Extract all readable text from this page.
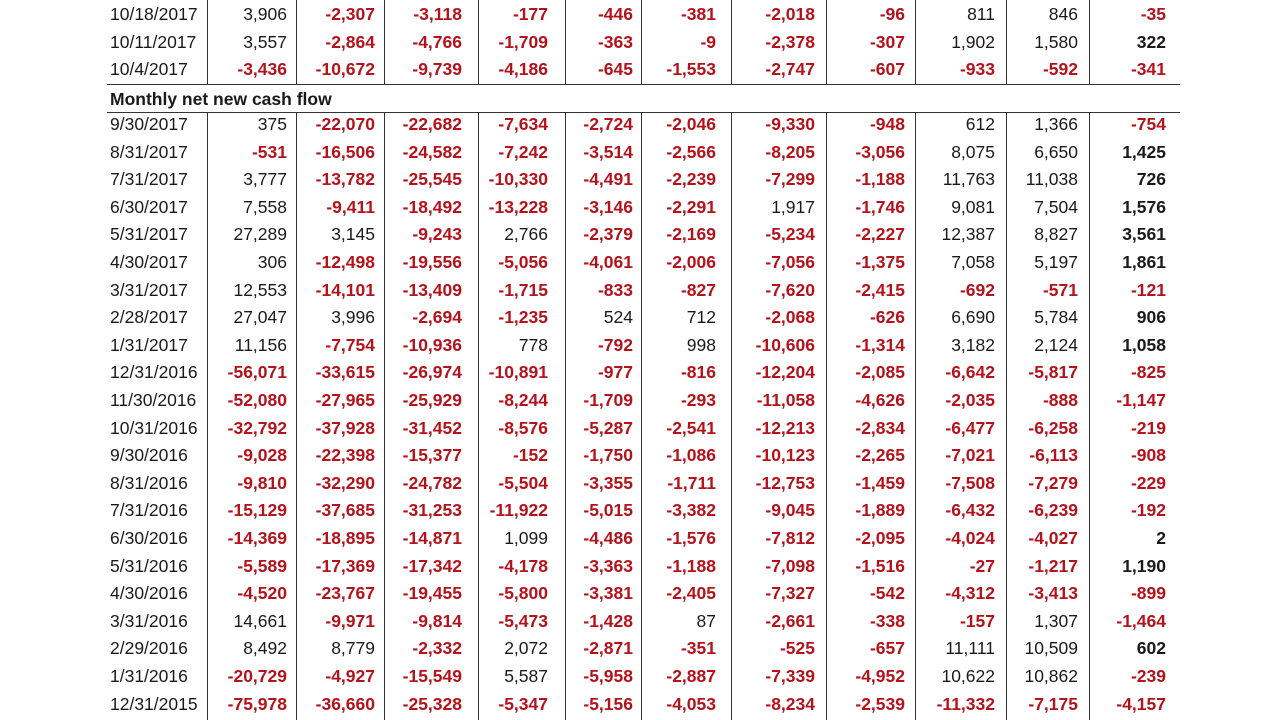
10/18/2017	3,906	-2,307	-3,118	-177	-446	-381	-2,018	-96	811	846	-35
10/11/2017	3,557	-2,864	-4,766	-1,709	-363	-9	-2,378	-307	1,902	1,580	322
10/4/2017	-3,436	-10,672	-9,739	-4,186	-645	-1,553	-2,747	-607	-933	-592	-341
Monthly net new cash flow
9/30/2017	375	-22,070	-22,682	-7,634	-2,724	-2,046	-9,330	-948	612	1,366	-754
8/31/2017	-531	-16,506	-24,582	-7,242	-3,514	-2,566	-8,205	-3,056	8,075	6,650	1,425
7/31/2017	3,777	-13,782	-25,545	-10,330	-4,491	-2,239	-7,299	-1,188	11,763	11,038	726
6/30/2017	7,558	-9,411	-18,492	-13,228	-3,146	-2,291	1,917	-1,746	9,081	7,504	1,576
5/31/2017	27,289	3,145	-9,243	2,766	-2,379	-2,169	-5,234	-2,227	12,387	8,827	3,561
4/30/2017	306	-12,498	-19,556	-5,056	-4,061	-2,006	-7,056	-1,375	7,058	5,197	1,861
3/31/2017	12,553	-14,101	-13,409	-1,715	-833	-827	-7,620	-2,415	-692	-571	-121
2/28/2017	27,047	3,996	-2,694	-1,235	524	712	-2,068	-626	6,690	5,784	906
1/31/2017	11,156	-7,754	-10,936	778	-792	998	-10,606	-1,314	3,182	2,124	1,058
12/31/2016	-56,071	-33,615	-26,974	-10,891	-977	-816	-12,204	-2,085	-6,642	-5,817	-825
11/30/2016	-52,080	-27,965	-25,929	-8,244	-1,709	-293	-11,058	-4,626	-2,035	-888	-1,147
10/31/2016	-32,792	-37,928	-31,452	-8,576	-5,287	-2,541	-12,213	-2,834	-6,477	-6,258	-219
9/30/2016	-9,028	-22,398	-15,377	-152	-1,750	-1,086	-10,123	-2,265	-7,021	-6,113	-908
8/31/2016	-9,810	-32,290	-24,782	-5,504	-3,355	-1,711	-12,753	-1,459	-7,508	-7,279	-229
7/31/2016	-15,129	-37,685	-31,253	-11,922	-5,015	-3,382	-9,045	-1,889	-6,432	-6,239	-192
6/30/2016	-14,369	-18,895	-14,871	1,099	-4,486	-1,576	-7,812	-2,095	-4,024	-4,027	2
5/31/2016	-5,589	-17,369	-17,342	-4,178	-3,363	-1,188	-7,098	-1,516	-27	-1,217	1,190
4/30/2016	-4,520	-23,767	-19,455	-5,800	-3,381	-2,405	-7,327	-542	-4,312	-3,413	-899
3/31/2016	14,661	-9,971	-9,814	-5,473	-1,428	87	-2,661	-338	-157	1,307	-1,464
2/29/2016	8,492	8,779	-2,332	2,072	-2,871	-351	-525	-657	11,111	10,509	602
1/31/2016	-20,729	-4,927	-15,549	5,587	-5,958	-2,887	-7,339	-4,952	10,622	10,862	-239
12/31/2015	-75,978	-36,660	-25,328	-5,347	-5,156	-4,053	-8,234	-2,539	-11,332	-7,175	-4,157
